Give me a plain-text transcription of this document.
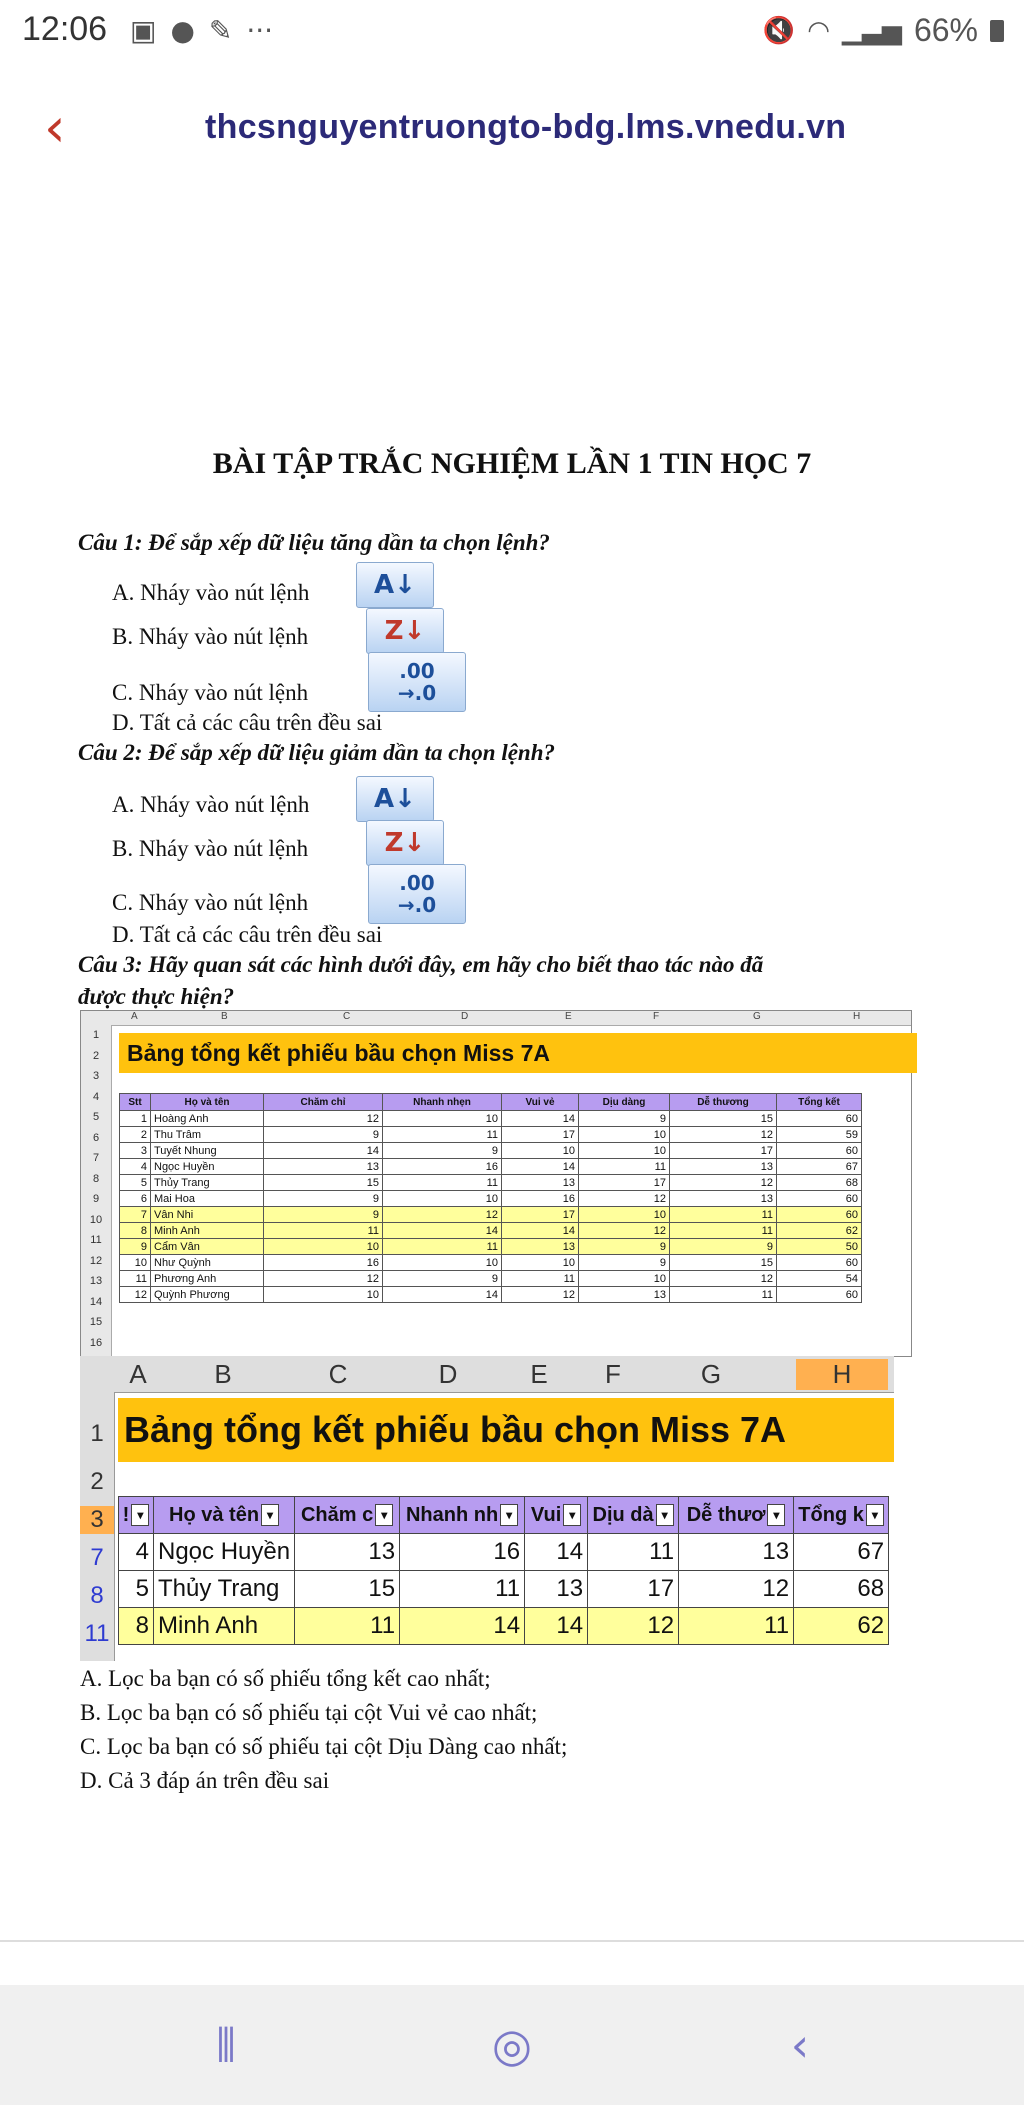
12:06 ▣ ● ✎ ···	🔇 ◠ ▁▃▅ 66%
‹	thcsnguyentruongto-bdg.lms.vnedu.vn
BÀI TẬP TRẮC NGHIỆM LẦN 1 TIN HỌC 7
Câu 1: Để sắp xếp dữ liệu tăng dần ta chọn lệnh?
A. Nháy vào nút lệnh	A↓
B. Nháy vào nút lệnh	Z↓
C. Nháy vào nút lệnh
.00
→.0
D. Tất cả các câu trên đều sai
Câu 2: Để sắp xếp dữ liệu giảm dần ta chọn lệnh?
A. Nháy vào nút lệnh	A↓
B. Nháy vào nút lệnh	Z↓
C. Nháy vào nút lệnh
.00
→.0
D. Tất cả các câu trên đều sai
Câu 3: Hãy quan sát các hình dưới đây, em hãy cho biết thao tác nào đã
được thực hiện?
A	B	C	D	E	F	G	H
1
2
3
4
5
6
7
8
9
10
11
12
13
14
15
16
Bảng tổng kết phiếu bầu chọn Miss 7A
Stt	Họ và tên	Chăm chỉ	Nhanh nhẹn	Vui vẻ	Dịu dàng	Dễ thương	Tổng kết
1	Hoàng Anh	12	10	14	9	15	60
2	Thu Trâm	9	11	17	10	12	59
3	Tuyết Nhung	14	9	10	10	17	60
4	Ngọc Huyền	13	16	14	11	13	67
5	Thủy Trang	15	11	13	17	12	68
6	Mai Hoa	9	10	16	12	13	60
7	Vân Nhi	9	12	17	10	11	60
8	Minh Anh	11	14	14	12	11	62
9	Cẩm Vân	10	11	13	9	9	50
10	Như Quỳnh	16	10	10	9	15	60
11	Phương Anh	12	9	11	10	12	54
12	Quỳnh Phương	10	14	12	13	11	60
A	B	C	D	E	F	G	H
1
2
3
7
8
11
Bảng tổng kết phiếu bầu chọn Miss 7A
! ▾	Họ và tên ▾	Chăm c ▾	Nhanh nh ▾	Vui ▾	Dịu dà ▾	Dễ thươ ▾	Tổng k ▾
4	Ngọc Huyền	13	16	14	11	13	67
5	Thủy Trang	15	11	13	17	12	68
8	Minh Anh	11	14	14	12	11	62
A. Lọc ba bạn có số phiếu tổng kết cao nhất;
B. Lọc ba bạn có số phiếu tại cột Vui vẻ cao nhất;
C. Lọc ba bạn có số phiếu tại cột Dịu Dàng cao nhất;
D. Cả 3 đáp án trên đều sai
⦀	◎	‹
